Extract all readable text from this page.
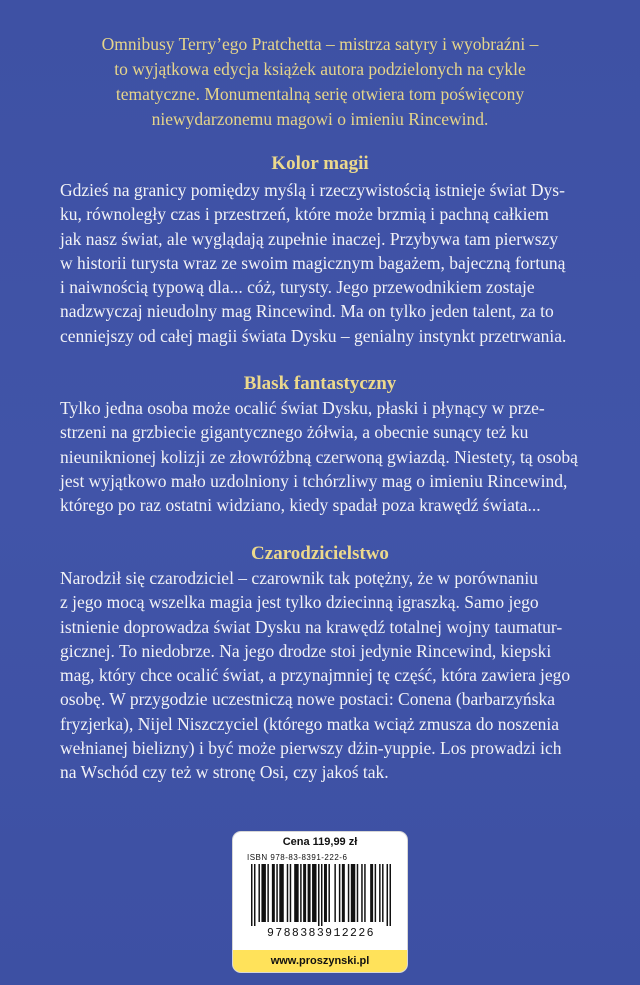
Omnibusy Terry’ego Pratchetta – mistrza satyry i wyobraźni –
to wyjątkowa edycja książek autora podzielonych na cykle
tematyczne. Monumentalną serię otwiera tom poświęcony
niewydarzonemu magowi o imieniu Rincewind.
Kolor magii
Gdzieś na granicy pomiędzy myślą i rzeczywistością istnieje świat Dys-
ku, równoległy czas i przestrzeń, które może brzmią i pachną całkiem
jak nasz świat, ale wyglądają zupełnie inaczej. Przybywa tam pierwszy
w historii turysta wraz ze swoim magicznym bagażem, bajeczną fortuną
i naiwnością typową dla... cóż, turysty. Jego przewodnikiem zostaje
nadzwyczaj nieudolny mag Rincewind. Ma on tylko jeden talent, za to
cenniejszy od całej magii świata Dysku – genialny instynkt przetrwania.
Blask fantastyczny
Tylko jedna osoba może ocalić świat Dysku, płaski i płynący w prze-
strzeni na grzbiecie gigantycznego żółwia, a obecnie sunący też ku
nieuniknionej kolizji ze złowróżbną czerwoną gwiazdą. Niestety, tą osobą
jest wyjątkowo mało uzdolniony i tchórzliwy mag o imieniu Rincewind,
którego po raz ostatni widziano, kiedy spadał poza krawędź świata...
Czarodzicielstwo
Narodził się czarodziciel – czarownik tak potężny, że w porównaniu
z jego mocą wszelka magia jest tylko dziecinną igraszką. Samo jego
istnienie doprowadza świat Dysku na krawędź totalnej wojny taumatur-
gicznej. To niedobrze. Na jego drodze stoi jedynie Rincewind, kiepski
mag, który chce ocalić świat, a przynajmniej tę część, która zawiera jego
osobę. W przygodzie uczestniczą nowe postaci: Conena (barbarzyńska
fryzjerka), Nijel Niszczyciel (którego matka wciąż zmusza do noszenia
wełnianej bielizny) i być może pierwszy dżin-yuppie. Los prowadzi ich
na Wschód czy też w stronę Osi, czy jakoś tak.
Cena 119,99 zł
ISBN 978-83-8391-222-6
9788383912226
www.proszynski.pl
